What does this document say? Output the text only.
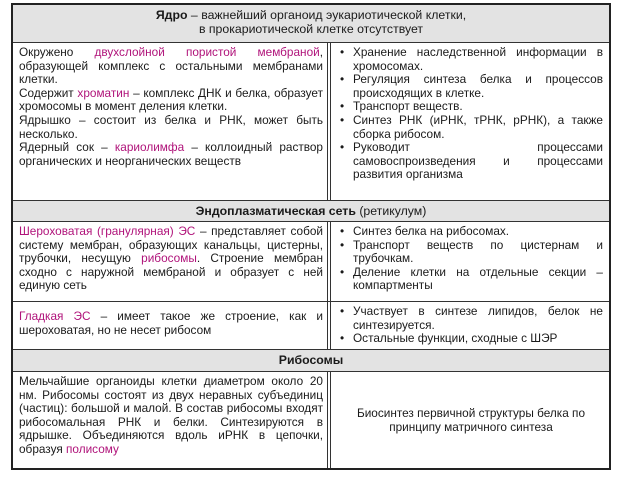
Ядро – важнейший органоид эукариотической клетки,
в прокариотической клетке отсутствует

Окружено двухслойной пористой мембраной, образующей комплекс с остальными мембранами клетки.

Содержит хроматин – комплекс ДНК и белка, образует хромосомы в момент деления клетки.

Ядрышко – состоит из белка и РНК, может быть несколько.

Ядерный сок – кариолимфа – коллоидный раствор органических и неорганических веществ

• Хранение наследственной информации в хромосомах.
• Регуляция синтеза белка и процессов происходящих в клетке.
• Транспорт веществ.
• Синтез РНК (иРНК, тРНК, рРНК), а также сборка рибосом.
• Руководит процессами самовоспроизведения и процессами развития организма
Эндоплазматическая сеть (ретикулум)

Шероховатая (гранулярная) ЭС – представляет собой систему мембран, образующих канальцы, цистерны, трубочки, несущую рибосомы. Строение мембран сходно с наружной мембраной и образует с ней единую сеть

• Синтез белка на рибосомах.
• Транспорт веществ по цистернам и трубочкам.
• Деление клетки на отдельные секции – компартменты

Гладкая ЭС – имеет такое же строение, как и шероховатая, но не несет рибосом

• Участвует в синтезе липидов, белок не синтезируется.
• Остальные функции, сходные с ШЭР
Рибосомы

Мельчайшие органоиды клетки диаметром около 20 нм. Рибосомы состоят из двух неравных субъединиц (частиц): большой и малой. В состав рибосомы входят рибосомальная РНК и белки. Синтезируются в ядрышке. Объединяются вдоль иРНК в цепочки, образуя полисому

Биосинтез первичной структуры белка по принципу матричного синтеза
